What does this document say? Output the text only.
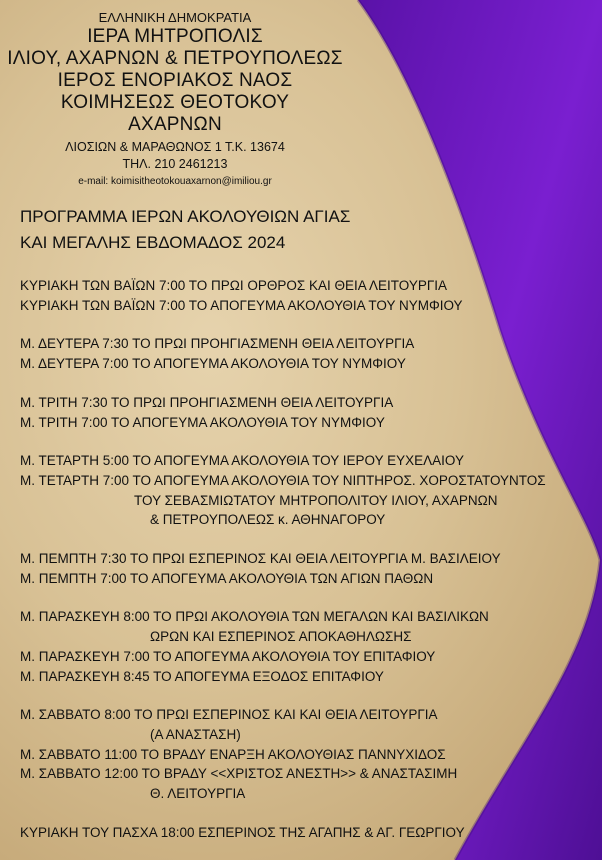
ΕΛΛΗΝΙΚΗ ΔΗΜΟΚΡΑΤΙΑ
ΙΕΡΑ ΜΗΤΡΟΠΟΛΙΣ
ΙΛΙΟΥ, ΑΧΑΡΝΩΝ & ΠΕΤΡΟΥΠΟΛΕΩΣ
ΙΕΡΟΣ ΕΝΟΡΙΑΚΟΣ ΝΑΟΣ
ΚΟΙΜΗΣΕΩΣ ΘΕΟΤΟΚΟΥ
ΑΧΑΡΝΩΝ
ΛΙΟΣΙΩΝ & ΜΑΡΑΘΩΝΟΣ 1 Τ.Κ. 13674
ΤΗΛ. 210 2461213
e-mail: koimisitheotokouaxarnon@imiliou.gr
ΠΡΟΓΡΑΜΜΑ ΙΕΡΩΝ ΑΚΟΛΟΥΘΙΩΝ ΑΓΙΑΣ
ΚΑΙ ΜΕΓΑΛΗΣ ΕΒΔΟΜΑΔΟΣ 2024
ΚΥΡΙΑΚΗ ΤΩΝ ΒΑΪΩΝ 7:00 ΤΟ ΠΡΩΙ ΟΡΘΡΟΣ ΚΑΙ ΘΕΙΑ ΛΕΙΤΟΥΡΓΙΑ
ΚΥΡΙΑΚΗ ΤΩΝ ΒΑΪΩΝ 7:00 ΤΟ ΑΠΟΓΕΥΜΑ ΑΚΟΛΟΥΘΙΑ ΤΟΥ ΝΥΜΦΙΟΥ
Μ. ΔΕΥΤΕΡΑ 7:30 ΤΟ ΠΡΩΙ ΠΡΟΗΓΙΑΣΜΕΝΗ ΘΕΙΑ ΛΕΙΤΟΥΡΓΙΑ
Μ. ΔΕΥΤΕΡΑ 7:00 ΤΟ ΑΠΟΓΕΥΜΑ ΑΚΟΛΟΥΘΙΑ ΤΟΥ ΝΥΜΦΙΟΥ
Μ. ΤΡΙΤΗ 7:30 ΤΟ ΠΡΩΙ ΠΡΟΗΓΙΑΣΜΕΝΗ ΘΕΙΑ ΛΕΙΤΟΥΡΓΙΑ
Μ. ΤΡΙΤΗ 7:00 ΤΟ ΑΠΟΓΕΥΜΑ ΑΚΟΛΟΥΘΙΑ ΤΟΥ ΝΥΜΦΙΟΥ
Μ. ΤΕΤΑΡΤΗ 5:00 ΤΟ ΑΠΟΓΕΥΜΑ ΑΚΟΛΟΥΘΙΑ ΤΟΥ ΙΕΡΟΥ ΕΥΧΕΛΑΙΟΥ
Μ. ΤΕΤΑΡΤΗ 7:00 ΤΟ ΑΠΟΓΕΥΜΑ ΑΚΟΛΟΥΘΙΑ ΤΟΥ ΝΙΠΤΗΡΟΣ. ΧΟΡΟΣΤΑΤΟΥΝΤΟΣ
ΤΟΥ ΣΕΒΑΣΜΙΩΤΑΤΟΥ ΜΗΤΡΟΠΟΛΙΤΟΥ ΙΛΙΟΥ, ΑΧΑΡΝΩΝ
& ΠΕΤΡΟΥΠΟΛΕΩΣ κ. ΑΘΗΝΑΓΟΡΟΥ
Μ. ΠΕΜΠΤΗ 7:30 ΤΟ ΠΡΩΙ ΕΣΠΕΡΙΝΟΣ ΚΑΙ ΘΕΙΑ ΛΕΙΤΟΥΡΓΙΑ Μ. ΒΑΣΙΛΕΙΟΥ
Μ. ΠΕΜΠΤΗ 7:00 ΤΟ ΑΠΟΓΕΥΜΑ ΑΚΟΛΟΥΘΙΑ ΤΩΝ ΑΓΙΩΝ ΠΑΘΩΝ
Μ. ΠΑΡΑΣΚΕΥΗ 8:00 ΤΟ ΠΡΩΙ ΑΚΟΛΟΥΘΙΑ ΤΩΝ ΜΕΓΑΛΩΝ ΚΑΙ ΒΑΣΙΛΙΚΩΝ
ΩΡΩΝ ΚΑΙ ΕΣΠΕΡΙΝΟΣ ΑΠΟΚΑΘΗΛΩΣΗΣ
Μ. ΠΑΡΑΣΚΕΥΗ 7:00 ΤΟ ΑΠΟΓΕΥΜΑ ΑΚΟΛΟΥΘΙΑ ΤΟΥ ΕΠΙΤΑΦΙΟΥ
Μ. ΠΑΡΑΣΚΕΥΗ 8:45 ΤΟ ΑΠΟΓΕΥΜΑ ΕΞΟΔΟΣ ΕΠΙΤΑΦΙΟΥ
Μ. ΣΑΒΒΑΤΟ 8:00 ΤΟ ΠΡΩΙ ΕΣΠΕΡΙΝΟΣ ΚΑΙ ΚΑΙ ΘΕΙΑ ΛΕΙΤΟΥΡΓΙΑ
(Α ΑΝΑΣΤΑΣΗ)
Μ. ΣΑΒΒΑΤΟ 11:00 ΤΟ ΒΡΑΔΥ ΕΝΑΡΞΗ ΑΚΟΛΟΥΘΙΑΣ ΠΑΝΝΥΧΙΔΟΣ
Μ. ΣΑΒΒΑΤΟ 12:00 ΤΟ ΒΡΑΔΥ <<ΧΡΙΣΤΟΣ ΑΝΕΣΤΗ>> & ΑΝΑΣΤΑΣΙΜΗ
Θ. ΛΕΙΤΟΥΡΓΙΑ
ΚΥΡΙΑΚΗ ΤΟΥ ΠΑΣΧΑ 18:00 ΕΣΠΕΡΙΝΟΣ ΤΗΣ ΑΓΑΠΗΣ & ΑΓ. ΓΕΩΡΓΙΟΥ
